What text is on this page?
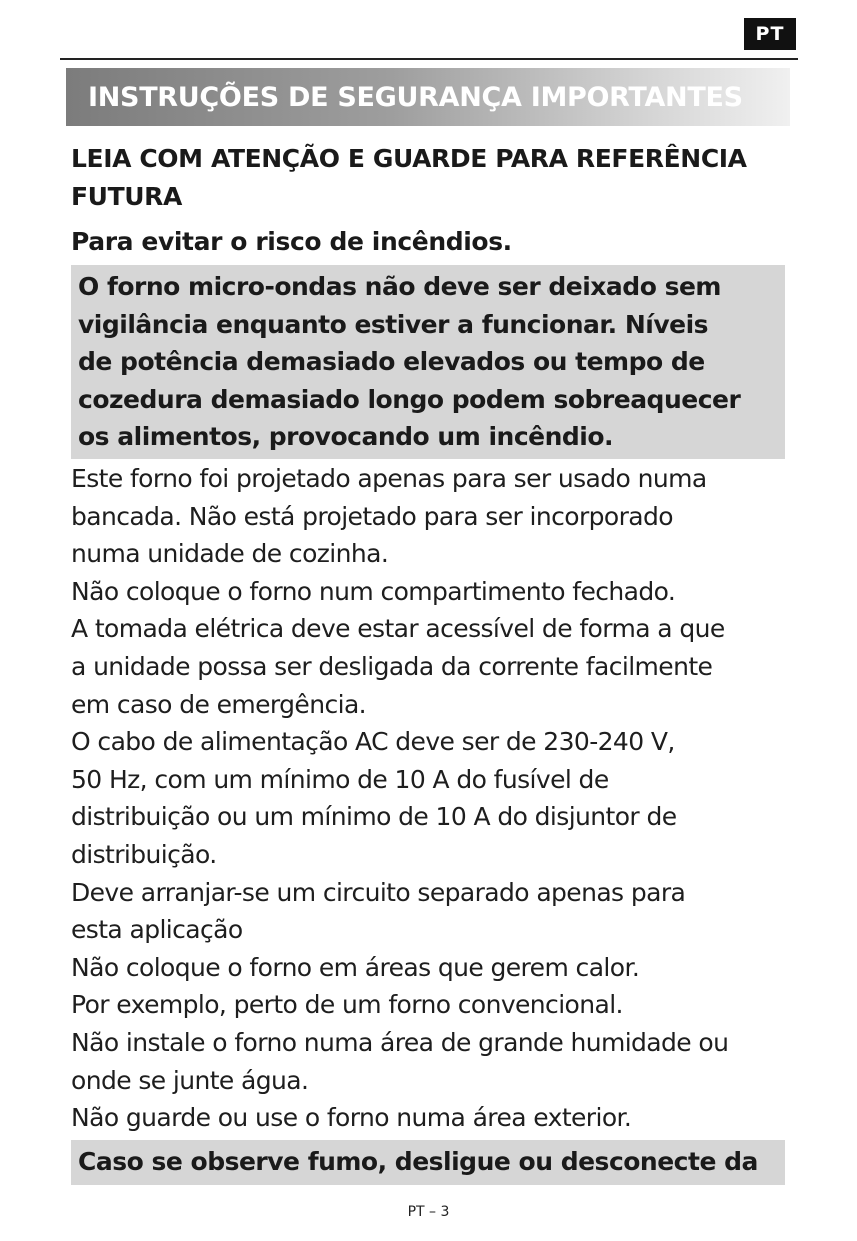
PT
INSTRUÇÕES DE SEGURANÇA IMPORTANTES

LEIA COM ATENÇÃO E GUARDE PARA REFERÊNCIA

FUTURA

Para evitar o risco de incêndios.

O forno micro-ondas não deve ser deixado sem

vigilância enquanto estiver a funcionar. Níveis

de potência demasiado elevados ou tempo de

cozedura demasiado longo podem sobreaquecer

os alimentos, provocando um incêndio.

Este forno foi projetado apenas para ser usado numa

bancada. Não está projetado para ser incorporado

numa unidade de cozinha.

Não coloque o forno num compartimento fechado.

A tomada elétrica deve estar acessível de forma a que

a unidade possa ser desligada da corrente facilmente

em caso de emergência.

O cabo de alimentação AC deve ser de 230-240 V,

50 Hz, com um mínimo de 10 A do fusível de

distribuição ou um mínimo de 10 A do disjuntor de

distribuição.

Deve arranjar-se um circuito separado apenas para

esta aplicação

Não coloque o forno em áreas que gerem calor.

Por exemplo, perto de um forno convencional.

Não instale o forno numa área de grande humidade ou

onde se junte água.

Não guarde ou use o forno numa área exterior.

Caso se observe fumo, desligue ou desconecte da

PT – 3
